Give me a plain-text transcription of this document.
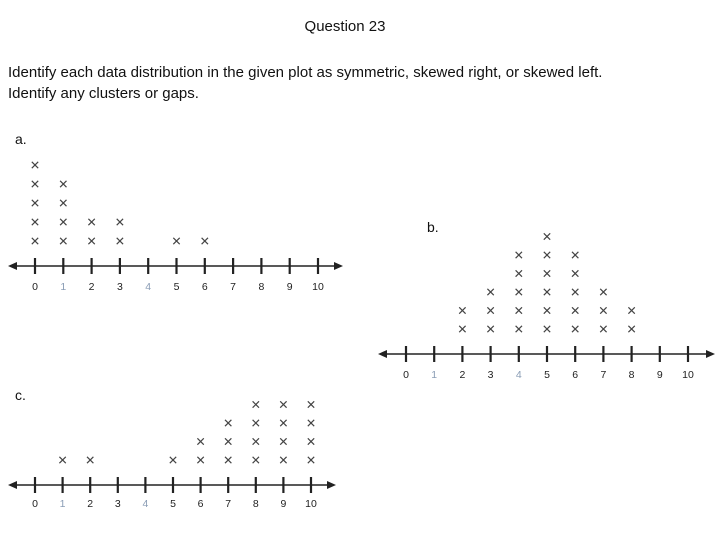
Question 23
Identify each data distribution in the given plot as symmetric, skewed right, or skewed left.
Identify any clusters or gaps.
a.
b.
c.
0 1 2 3 4 5 6 7 8 9 10
0 1 2 3 4 5 6 7 8 9 10
0 1 2 3 4 5 6 7 8 9 10
